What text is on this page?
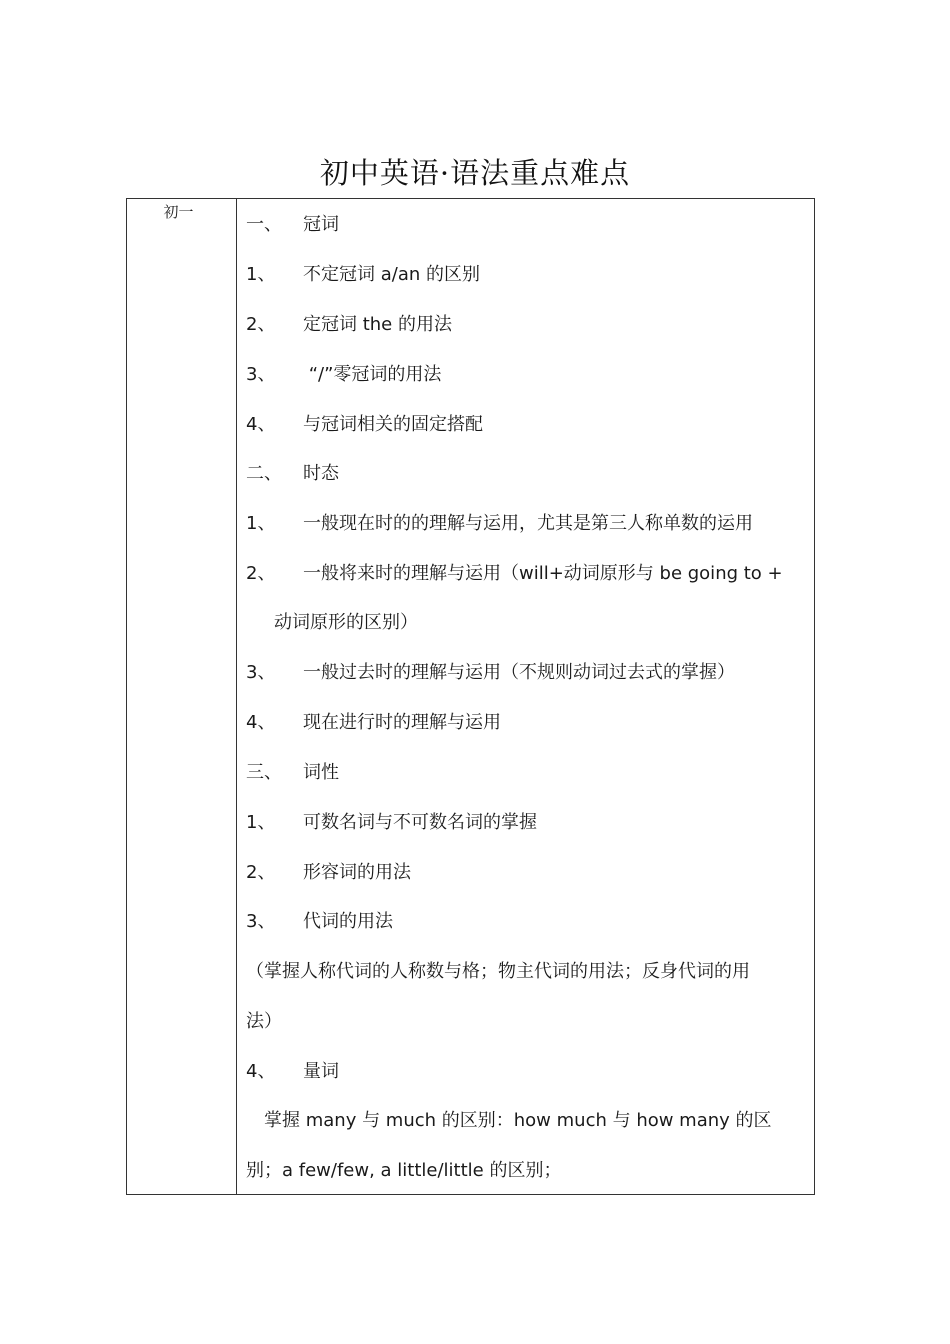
初中英语·语法重点难点
初一
一、 冠词
1、 不定冠词 a/an 的区别
2、 定冠词 the 的用法
3、 “/”零冠词的用法
4、 与冠词相关的固定搭配
二、 时态
1、 一般现在时的的理解与运用，尤其是第三人称单数的运用
2、 一般将来时的理解与运用（will+动词原形与 be going to +
动词原形的区别）
3、 一般过去时的理解与运用（不规则动词过去式的掌握）
4、 现在进行时的理解与运用
三、 词性
1、 可数名词与不可数名词的掌握
2、 形容词的用法
3、 代词的用法
（掌握人称代词的人称数与格；物主代词的用法；反身代词的用
法）
4、 量词
掌握 many 与 much 的区别：how much 与 how many 的区
别；a few/few, a little/little 的区别；
